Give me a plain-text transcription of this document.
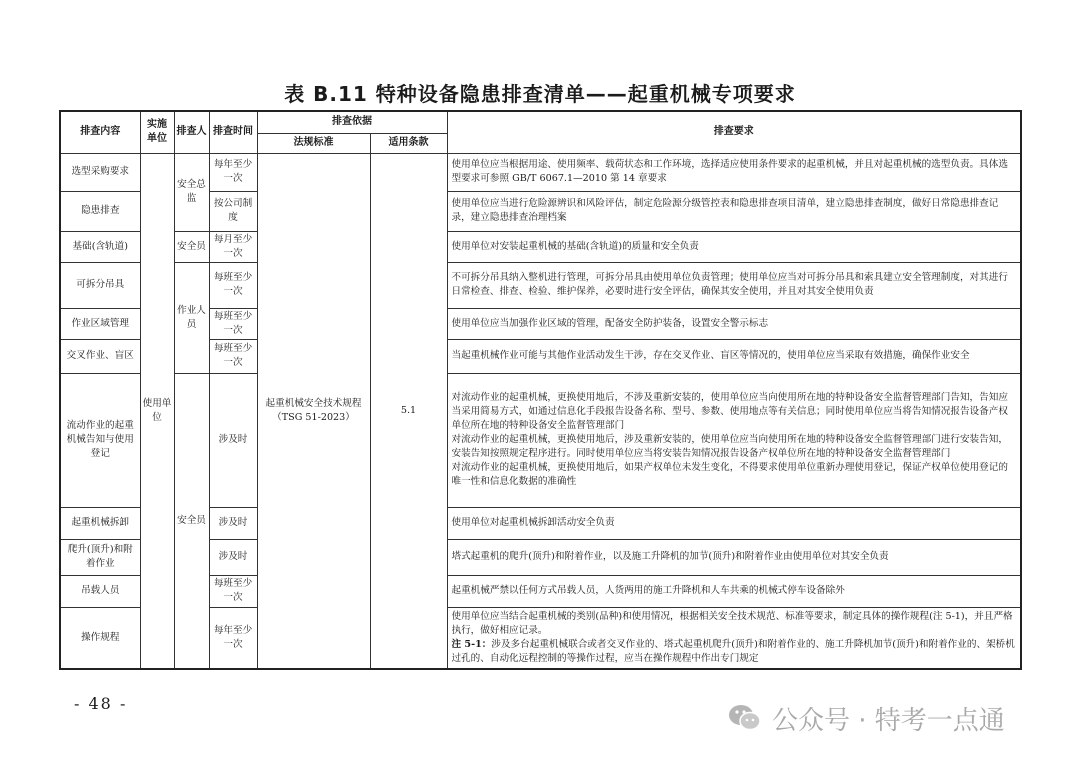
表 B.11 特种设备隐患排查清单——起重机械专项要求
排查内容	实施单位	排查人	排查时间	排查依据		排查要求
				法规标准	适用条款	
选型采购要求	使用单位	安全总监	每年至少一次	起重机械安全技术规程（TSG 51-2023）	5.1	使用单位应当根据用途、使用频率、载荷状态和工作环境，选择适应使用条件要求的起重机械，并且对起重机械的选型负责。具体选型要求可参照 GB/T 6067.1—2010 第 14 章要求
隐患排查			按公司制度			使用单位应当进行危险源辨识和风险评估，制定危险源分级管控表和隐患排查项目清单，建立隐患排查制度，做好日常隐患排查记录，建立隐患排查治理档案
基础(含轨道)		安全员	每月至少一次			使用单位对安装起重机械的基础(含轨道)的质量和安全负责
可拆分吊具		作业人员	每班至少一次			不可拆分吊具纳入整机进行管理，可拆分吊具由使用单位负责管理；使用单位应当对可拆分吊具和索具建立安全管理制度，对其进行日常检查、排查、检验、维护保养，必要时进行安全评估，确保其安全使用，并且对其安全使用负责
作业区域管理			每班至少一次			使用单位应当加强作业区域的管理，配备安全防护装备，设置安全警示标志
交叉作业、盲区			每班至少一次			当起重机械作业可能与其他作业活动发生干涉，存在交叉作业、盲区等情况的，使用单位应当采取有效措施，确保作业安全
流动作业的起重机械告知与使用登记		安全员	涉及时			对流动作业的起重机械，更换使用地后，不涉及重新安装的，使用单位应当向使用所在地的特种设备安全监督管理部门告知，告知应当采用简易方式，如通过信息化手段报告设备名称、型号、参数、使用地点等有关信息；同时使用单位应当将告知情况报告设备产权单位所在地的特种设备安全监督管理部门
对流动作业的起重机械，更换使用地后，涉及重新安装的，使用单位应当向使用所在地的特种设备安全监督管理部门进行安装告知，安装告知按照规定程序进行。同时使用单位应当将安装告知情况报告设备产权单位所在地的特种设备安全监督管理部门
对流动作业的起重机械，更换使用地后，如果产权单位未发生变化，不得要求使用单位重新办理使用登记，保证产权单位使用登记的唯一性和信息化数据的准确性
起重机械拆卸			涉及时			使用单位对起重机械拆卸活动安全负责
爬升(顶升)和附着作业			涉及时			塔式起重机的爬升(顶升)和附着作业，以及施工升降机的加节(顶升)和附着作业由使用单位对其安全负责
吊载人员			每班至少一次			起重机械严禁以任何方式吊载人员，人货两用的施工升降机和人车共乘的机械式停车设备除外
操作规程			每年至少一次			使用单位应当结合起重机械的类别(品种)和使用情况，根据相关安全技术规范、标准等要求，制定具体的操作规程(注 5-1)，并且严格执行，做好相应记录。
注 5-1：涉及多台起重机械联合或者交叉作业的、塔式起重机爬升(顶升)和附着作业的、施工升降机加节(顶升)和附着作业的、架桥机过孔的、自动化远程控制的等操作过程，应当在操作规程中作出专门规定
- 48 -
公众号 · 特考一点通
